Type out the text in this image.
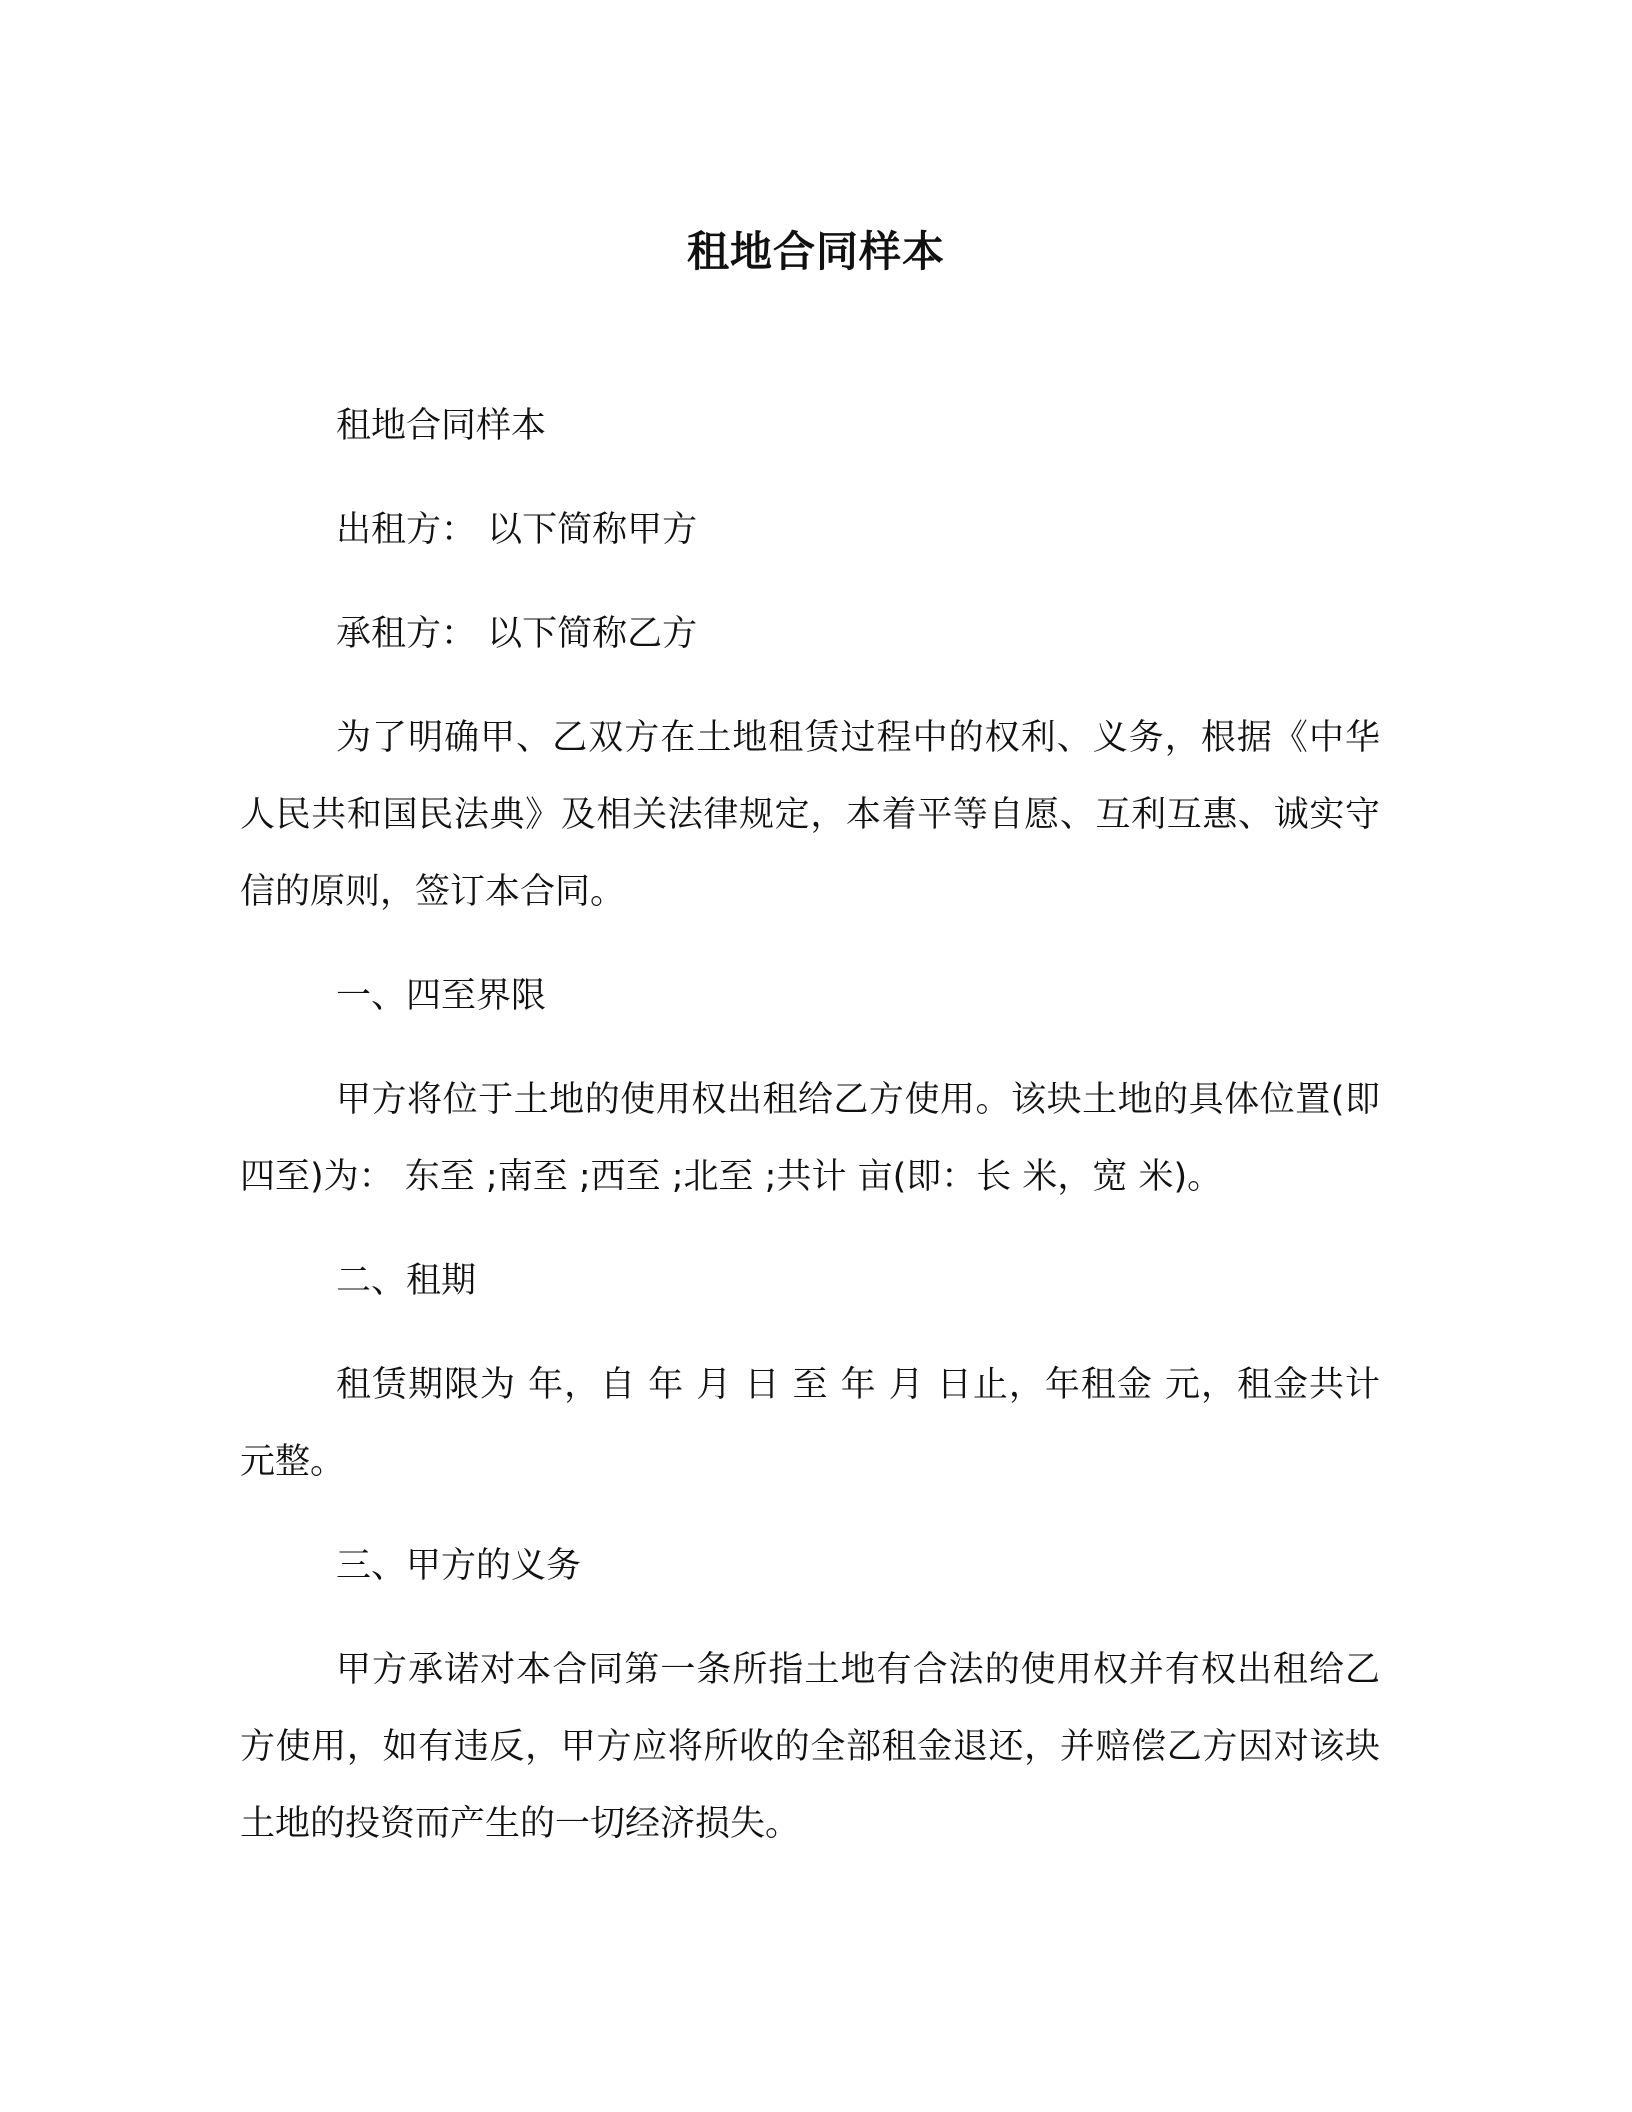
租地合同样本

租地合同样本

出租方： 以下简称甲方

承租方： 以下简称乙方

为了明确甲、乙双方在土地租赁过程中的权利、义务，根据《中华人民共和国民法典》及相关法律规定，本着平等自愿、互利互惠、诚实守信的原则，签订本合同。

一、四至界限

甲方将位于土地的使用权出租给乙方使用。该块土地的具体位置(即四至)为： 东至 ;南至 ;西至 ;北至 ;共计 亩(即：长 米，宽 米)。

二、租期

租赁期限为 年，自 年 月 日 至 年 月 日止，年租金 元，租金共计 元整。

三、甲方的义务

甲方承诺对本合同第一条所指土地有合法的使用权并有权出租给乙方使用，如有违反，甲方应将所收的全部租金退还，并赔偿乙方因对该块土地的投资而产生的一切经济损失。
